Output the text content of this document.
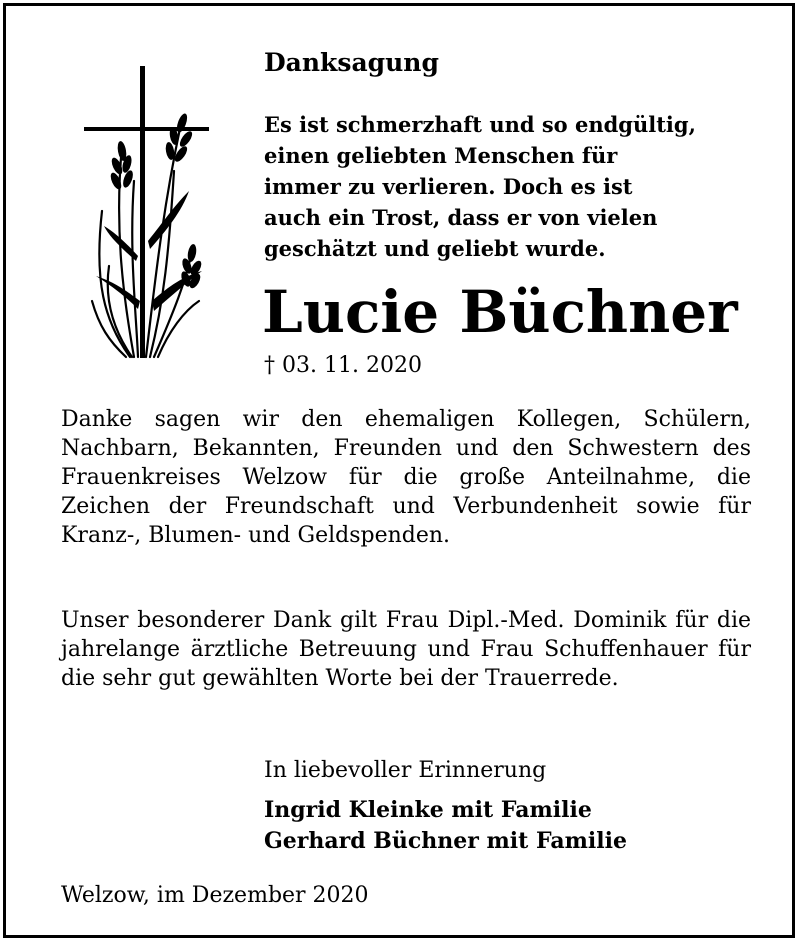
Danksagung
Es ist schmerzhaft und so endgültig,
einen geliebten Menschen für
immer zu verlieren. Doch es ist
auch ein Trost, dass er von vielen
geschätzt und geliebt wurde.
Lucie Büchner
† 03. 11. 2020
Danke sagen wir den ehemaligen Kollegen, Schülern, Nachbarn, Bekannten, Freunden und den Schwestern des Frauenkreises Welzow für die große Anteilnahme, die Zeichen der Freundschaft und Verbundenheit sowie für Kranz-, Blumen- und Geldspenden.
Unser besonderer Dank gilt Frau Dipl.-Med. Dominik für die jahrelange ärztliche Betreuung und Frau Schuffenhauer für die sehr gut gewählten Worte bei der Trauerrede.
In liebevoller Erinnerung
Ingrid Kleinke mit Familie
Gerhard Büchner mit Familie
Welzow, im Dezember 2020
